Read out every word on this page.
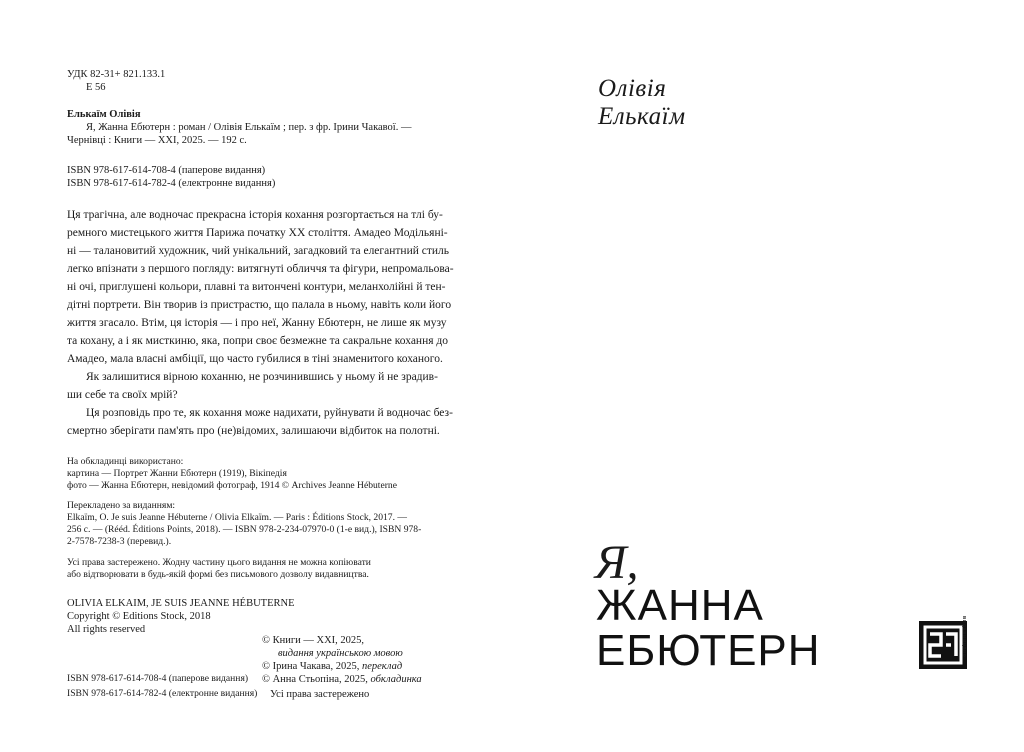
УДК 82-31+ 821.133.1
Е 56
Елькаїм Олівія
Я, Жанна Ебютерн : роман / Олівія Елькаїм ; пер. з фр. Ірини Чакавої. —
Чернівці : Книги — XXI, 2025. — 192 с.
ISBN 978-617-614-708-4 (паперове видання)
ISBN 978-617-614-782-4 (електронне видання)
Ця трагічна, але водночас прекрасна історія кохання розгортається на тлі бу-
ремного мистецького життя Парижа початку XX століття. Амадео Модільяні-
ні — талановитий художник, чий унікальний, загадковий та елегантний стиль
легко впізнати з першого погляду: витягнуті обличчя та фігури, непромальова-
ні очі, приглушені кольори, плавні та витончені контури, меланхолійні й тен-
дітні портрети. Він творив із пристрастю, що палала в ньому, навіть коли його
життя згасало. Втім, ця історія — і про неї, Жанну Ебютерн, не лише як музу
та кохану, а і як мисткиню, яка, попри своє безмежне та сакральне кохання до
Амадео, мала власні амбіції, що часто губилися в тіні знаменитого коханого.
Як залишитися вірною коханню, не розчинившись у ньому й не зрадив-
ши себе та своїх мрій?
Ця розповідь про те, як кохання може надихати, руйнувати й водночас без-
смертно зберігати пам'ять про (не)відомих, залишаючи відбиток на полотні.
На обкладинці використано:
картина — Портрет Жанни Ебютерн (1919), Вікіпедія
фото — Жанна Ебютерн, невідомий фотограф, 1914 © Archives Jeanne Hébuterne
Перекладено за виданням:
Elkaïm, O. Je suis Jeanne Hébuterne / Olivia Elkaïm. — Paris : Éditions Stock, 2017. —
256 с. — (Rééd. Éditions Points, 2018). — ISBN 978-2-234-07970-0 (1-е вид.), ISBN 978-
2-7578-7238-3 (перевид.).
Усі права застережено. Жодну частину цього видання не можна копіювати
або відтворювати в будь-якій формі без письмового дозволу видавництва.
OLIVIA ELKAIM, JE SUIS JEANNE HÉBUTERNE
Copyright © Editions Stock, 2018
All rights reserved
© Книги — XXI, 2025,
видання українською мовою
© Ірина Чакава, 2025, переклад
© Анна Стьопіна, 2025, обкладинка
ISBN 978-617-614-708-4 (паперове видання)
ISBN 978-617-614-782-4 (електронне видання) Усі права застережено
Олівія
Елькаїм
Я,
ЖАННА
ЕБЮТЕРН	видавництво
